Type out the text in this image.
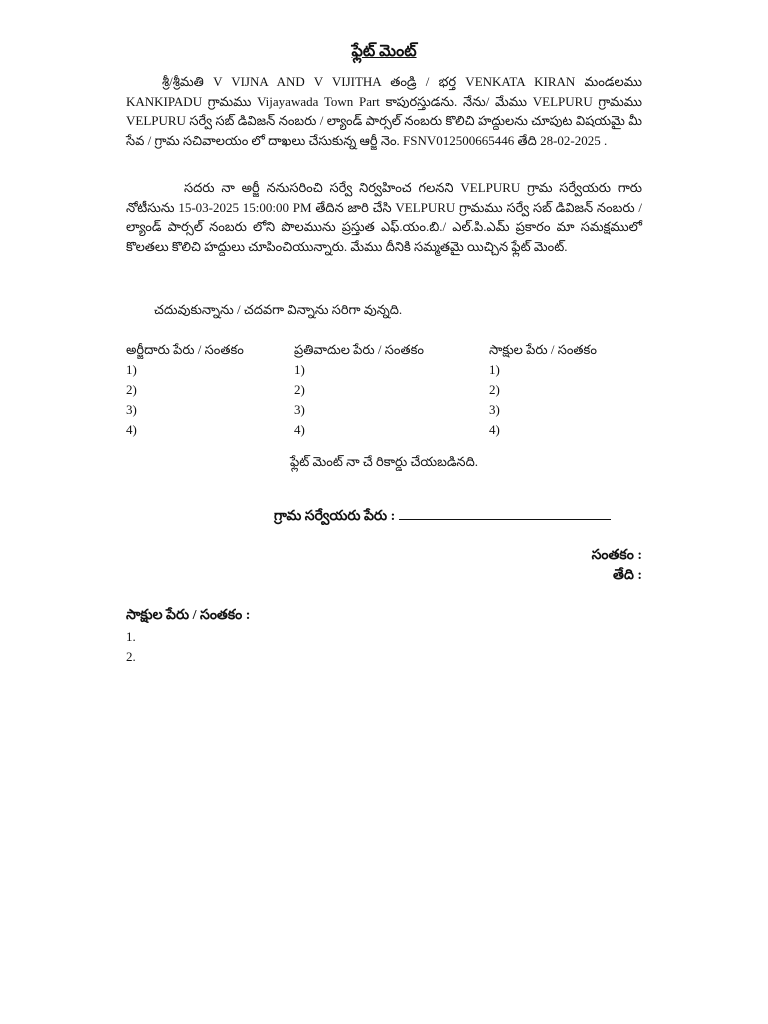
ఫ్లేట్ మెంట్

శ్రీ/శ్రీమతి V VIJNA AND V VIJITHA తండ్రి / భర్త VENKATA KIRAN మండలము KANKIPADU గ్రామము Vijayawada Town Part కాపురస్తుడను. నేను/ మేము VELPURU గ్రామము VELPURU సర్వే సబ్ డివిజన్ నంబరు / ల్యాండ్ పార్సల్ నంబరు కొలిచి హద్దులను చూపుట విషయమై మీ సేవ / గ్రామ సచివాలయం లో దాఖలు చేసుకున్న ఆర్జీ నెం. FSNV012500665446 తేది 28-02-2025 .

సదరు నా అర్జీ ననుసరించి సర్వే నిర్వహించ గలనని VELPURU గ్రామ సర్వేయరు గారు నోటీసును 15-03-2025 15:00:00 PM తేదిన జారి చేసి VELPURU గ్రామము సర్వే సబ్ డివిజన్ నంబరు / ల్యాండ్ పార్సల్ నంబరు లోని పొలమును ప్రస్తుత ఎఫ్.యం.బి./ ఎల్.పి.ఎమ్ ప్రకారం మా సమక్షములో కొలతలు కొలిచి హద్దులు చూపించియున్నారు. మేము దీనికి సమ్మతమై యిచ్చిన ఫ్లేట్ మెంట్.

చదువుకున్నాను / చదవగా విన్నాను సరిగా వున్నది.
అర్జీదారు పేరు / సంతకం
1)
2)
3)
4)
ప్రతివాదుల పేరు / సంతకం
1)
2)
3)
4)
సాక్షుల పేరు / సంతకం
1)
2)
3)
4)
ఫ్లేట్ మెంట్ నా చే రికార్డు చేయబడినది.
గ్రామ సర్వేయరు పేరు :
సంతకం :
తేది :
సాక్షుల పేరు / సంతకం :
1.
2.
